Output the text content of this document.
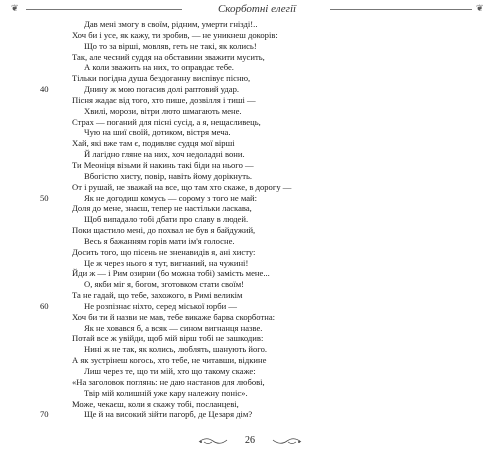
❦	Скорботні елегії	❦
Дав мені змогу в своїм, рідним, умерти гнізді!..
Хоч би і усе, як кажу, ти зробив, — не уникнеш докорів:
Що то за вірші, мовляв, геть не такі, як колись!
Так, але чесний суддя на обставини зважити мусить,
А коли зважить на них, то оправдає тебе.
Тільки погідна душа бездоганну виспівує пісню,
40	Днину ж мою погасив долі раптовий удар.
Пісня жадає від того, хто пише, дозвілля і тиші —
Хвилі, морози, вітри люто шмагають мене.
Страх — поганий для пісні сусід, а я, нещасливець,
Чую на шиї своїй, дотиком, вістря меча.
Хай, які вже там є, подивляє судця мої вірші
Й лагідно гляне на них, хоч недоладні вони.
Ти Меоніця візьми й накинь такі біди на нього —
Вбогістю хисту, повір, навіть йому дорікнуть.
От і рушай, не зважай на все, що там хто скаже, в дорогу —
50	Як не догодиш комусь — сорому з того не май:
Доля до мене, знаєш, тепер не настільки ласкава,
Щоб випадало тобі дбати про славу в людей.
Поки щастило мені, до похвал не був я байдужий,
Весь я бажанням горів мати ім'я голосне.
Досить того, що пісень не зненавидів я, ані хисту:
Це ж через нього я тут, вигнаний, на чужині!
Йди ж — і Рим озирни (бо можна тобі) замість мене...
О, якби міг я, богом, зготовком стати своїм!
Та не гадай, що тебе, захожого, в Римі великім
60	Не розпізнає ніхто, серед міської юрби —
Хоч би ти й назви не мав, тебе викаже барва скорботна:
Як не ховався б, а всяк — сином вигнанця назве.
Потай все ж увійди, щоб мій вірш тобі не зашкодив:
Нині ж не так, як колись, люблять, шанують його.
А як зустрінеш когось, хто тебе, не читавши, відкине
Лиш через те, що ти мій, хто що такому скаже:
«На заголовок поглянь: не даю настанов для любові,
Твір мій колишній уже кару належну поніс».
Може, чекаєш, коли я скажу тобі, посланцеві,
70	Ще й на високий зійти пагорб, де Цезаря дім?
26
